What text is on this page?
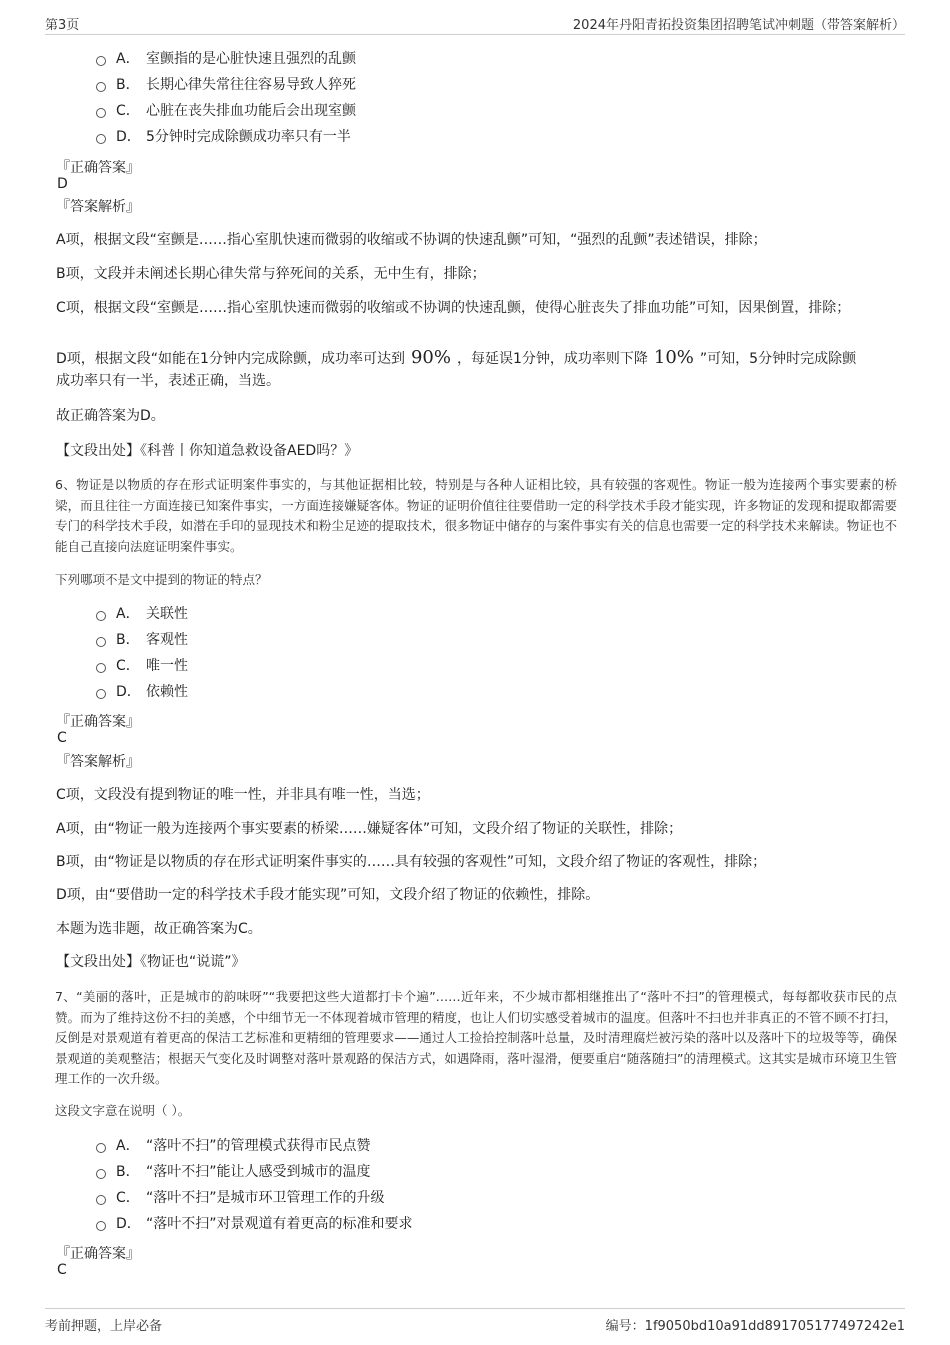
第3页	2024年丹阳青拓投资集团招聘笔试冲刺题（带答案解析）
A． 室颤指的是心脏快速且强烈的乱颤
B． 长期心律失常往往容易导致人猝死
C． 心脏在丧失排血功能后会出现室颤
D． 5分钟时完成除颤成功率只有一半
『正确答案』
D
『答案解析』

A项，根据文段“室颤是……指心室肌快速而微弱的收缩或不协调的快速乱颤”可知，“强烈的乱颤”表述错误，排除；

B项，文段并未阐述长期心律失常与猝死间的关系，无中生有，排除；

C项，根据文段“室颤是……指心室肌快速而微弱的收缩或不协调的快速乱颤，使得心脏丧失了排血功能”可知，因果倒置，排除；

D项，根据文段“如能在1分钟内完成除颤，成功率可达到 90% ，每延误1分钟，成功率则下降 10% ”可知，5分钟时完成除颤
成功率只有一半，表述正确，当选。

故正确答案为D。

【文段出处】《科普丨你知道急救设备AED吗？》

6、物证是以物质的存在形式证明案件事实的，与其他证据相比较，特别是与各种人证相比较，具有较强的客观性。物证一般为连接两个事实要素的桥梁，而且往往一方面连接已知案件事实，一方面连接嫌疑客体。物证的证明价值往往要借助一定的科学技术手段才能实现，许多物证的发现和提取都需要专门的科学技术手段，如潜在手印的显现技术和粉尘足迹的提取技术，很多物证中储存的与案件事实有关的信息也需要一定的科学技术来解读。物证也不能自己直接向法庭证明案件事实。

下列哪项不是文中提到的物证的特点？
A． 关联性
B． 客观性
C． 唯一性
D． 依赖性
『正确答案』
C
『答案解析』

C项，文段没有提到物证的唯一性，并非具有唯一性，当选；

A项，由“物证一般为连接两个事实要素的桥梁……嫌疑客体”可知，文段介绍了物证的关联性，排除；

B项，由“物证是以物质的存在形式证明案件事实的……具有较强的客观性”可知，文段介绍了物证的客观性，排除；

D项，由“要借助一定的科学技术手段才能实现”可知，文段介绍了物证的依赖性，排除。

本题为选非题，故正确答案为C。

【文段出处】《物证也“说谎”》

7、“美丽的落叶，正是城市的韵味呀”“我要把这些大道都打卡个遍”……近年来，不少城市都相继推出了“落叶不扫”的管理模式，每每都收获市民的点赞。而为了维持这份不扫的美感，个中细节无一不体现着城市管理的精度，也让人们切实感受着城市的温度。但落叶不扫也并非真正的不管不顾不打扫，反倒是对景观道有着更高的保洁工艺标准和更精细的管理要求——通过人工捡拾控制落叶总量，及时清理腐烂被污染的落叶以及落叶下的垃圾等等，确保景观道的美观整洁；根据天气变化及时调整对落叶景观路的保洁方式，如遇降雨，落叶湿滑，便要重启“随落随扫”的清理模式。这其实是城市环境卫生管理工作的一次升级。

这段文字意在说明（ ）。
A． “落叶不扫”的管理模式获得市民点赞
B． “落叶不扫”能让人感受到城市的温度
C． “落叶不扫”是城市环卫管理工作的升级
D． “落叶不扫”对景观道有着更高的标准和要求
『正确答案』
C
考前押题，上岸必备	编号：1f9050bd10a91dd891705177497242e1
